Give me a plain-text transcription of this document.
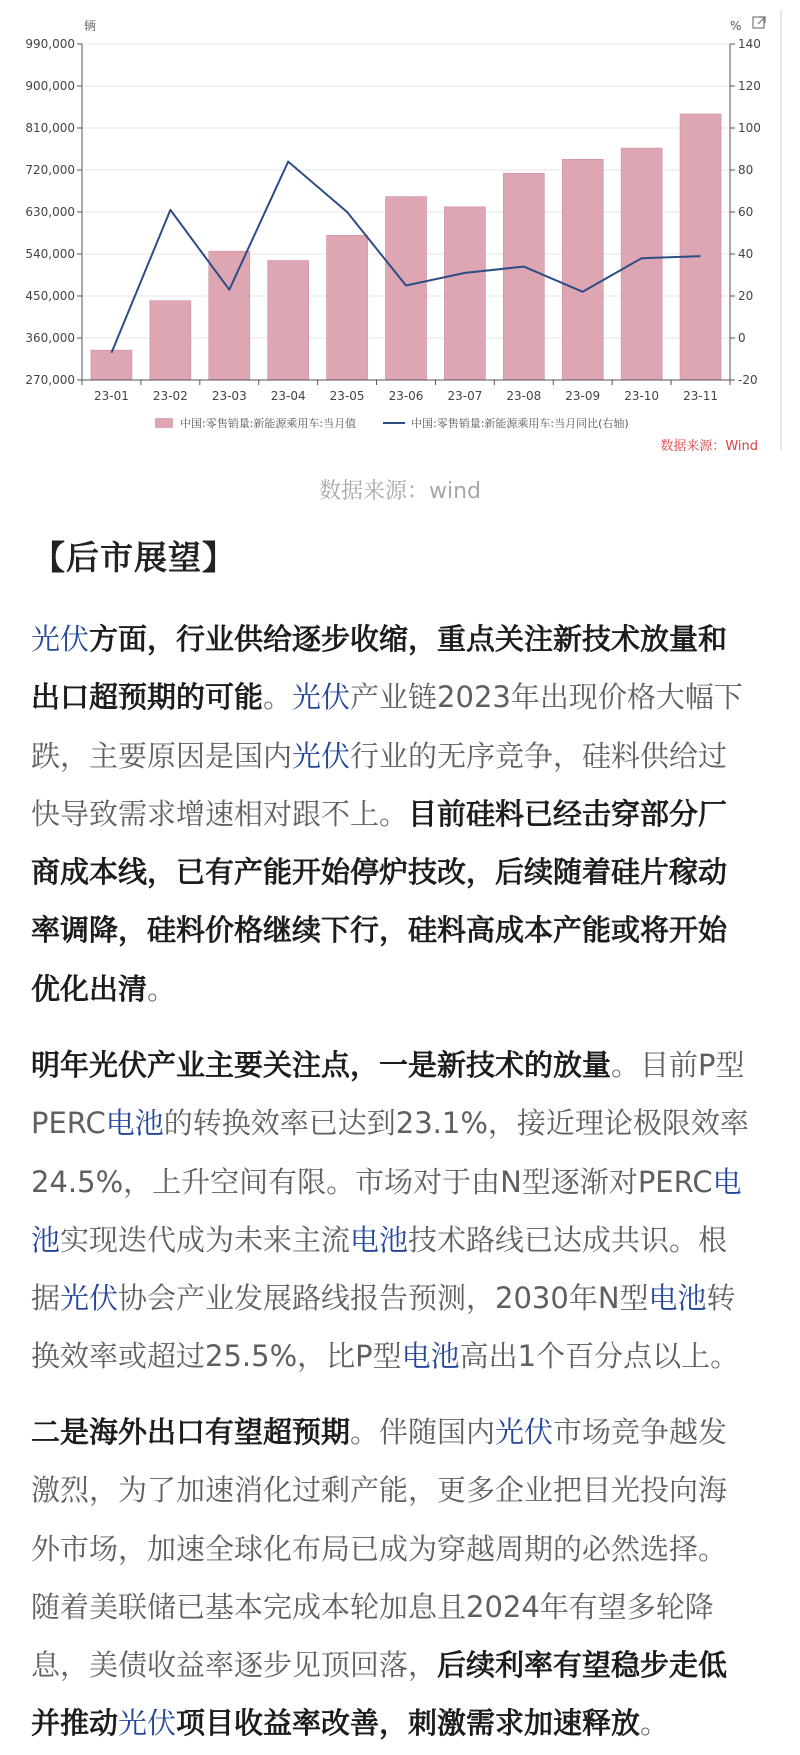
990,000	140
900,000	120
810,000	100
720,000	80
630,000	60
540,000	40
450,000	20
360,000	0
270,000	-20
23-01 23-02 23-03 23-04 23-05 23-06 23-07 23-08 23-09 23-10 23-11
辆	%
中国:零售销量:新能源乘用车:当月值	中国:零售销量:新能源乘用车:当月同比(右轴)
数据来源：Wind
数据来源：wind
【后市展望】

光伏方面，行业供给逐步收缩，重点关注新技术放量和
出口超预期的可能。光伏产业链2023年出现价格大幅下
跌，主要原因是国内光伏行业的无序竞争，硅料供给过
快导致需求增速相对跟不上。目前硅料已经击穿部分厂
商成本线，已有产能开始停炉技改，后续随着硅片稼动
率调降，硅料价格继续下行，硅料高成本产能或将开始
优化出清。

明年光伏产业主要关注点，一是新技术的放量。目前P型
PERC电池的转换效率已达到23.1%，接近理论极限效率
24.5%，上升空间有限。市场对于由N型逐渐对PERC电
池实现迭代成为未来主流电池技术路线已达成共识。根
据光伏协会产业发展路线报告预测，2030年N型电池转
换效率或超过25.5%，比P型电池高出1个百分点以上。

二是海外出口有望超预期。伴随国内光伏市场竞争越发
激烈，为了加速消化过剩产能，更多企业把目光投向海
外市场，加速全球化布局已成为穿越周期的必然选择。
随着美联储已基本完成本轮加息且2024年有望多轮降
息，美债收益率逐步见顶回落，后续利率有望稳步走低
并推动光伏项目收益率改善，刺激需求加速释放。
